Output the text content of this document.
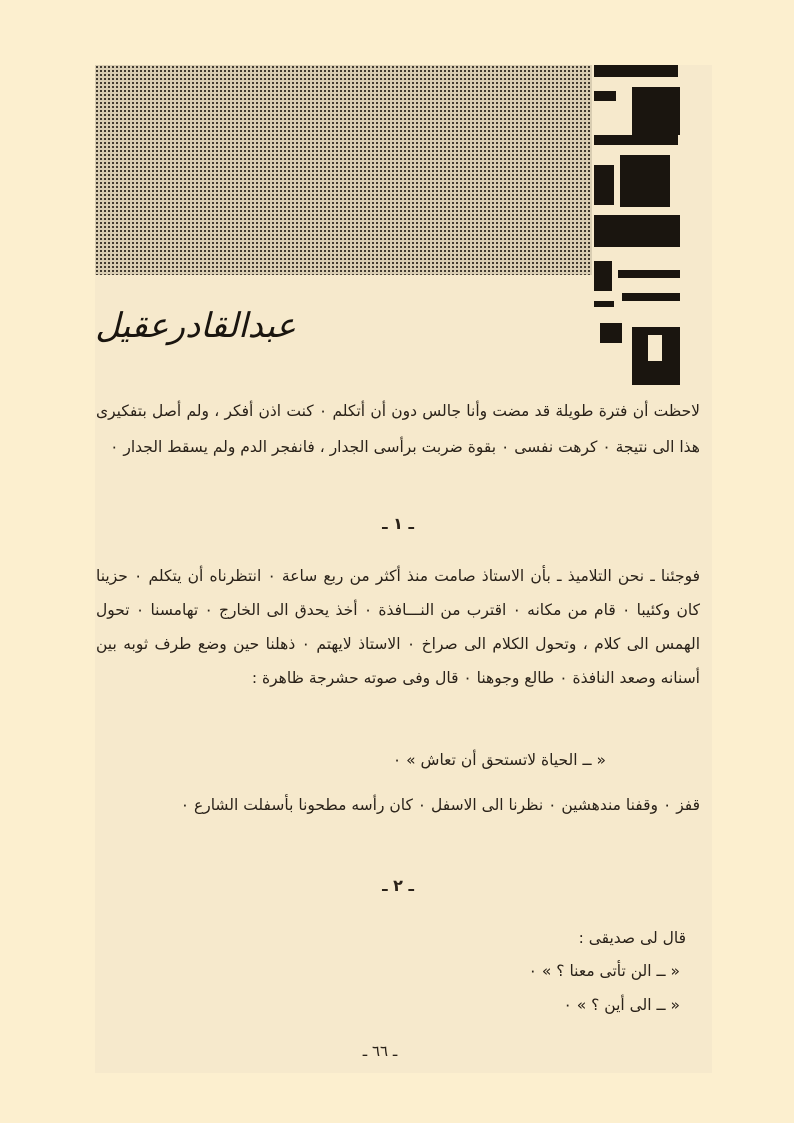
عبدالقادرعقيل
لاحظت أن فترة طويلة قد مضت وأنا جالس دون أن أتكلم ٠ كنت اذن أفكر ، ولم أصل بتفكيرى هذا الى نتيجة ٠ كرهت نفسى ٠ بقوة ضربت برأسى الجدار ، فانفجر الدم ولم يسقط الجدار ٠
ـ ١ ـ
فوجئنا ـ نحن التلاميذ ـ بأن الاستاذ صامت منذ أكثر من ربع ساعة ٠ انتظرناه أن يتكلم ٠ حزينا كان وكئيبا ٠ قام من مكانه ٠ اقترب من النـــافذة ٠ أخذ يحدق الى الخارج ٠ تهامسنا ٠ تحول الهمس الى كلام ، وتحول الكلام الى صراخ ٠ الاستاذ لايهتم ٠ ذهلنا حين وضع طرف ثوبه بين أسنانه وصعد النافذة ٠ طالع وجوهنا ٠ قال وفى صوته حشرجة ظاهرة :
« ــ الحياة لاتستحق أن تعاش » ٠
قفز ٠ وقفنا مندهشين ٠ نظرنا الى الاسفل ٠ كان رأسه مطحونا بأسفلت الشارع ٠
ـ ٢ ـ
قال لى صديقى :
« ــ الن تأتى معنا ؟ » ٠
« ــ الى أين ؟ » ٠
ـ ٦٦ ـ
